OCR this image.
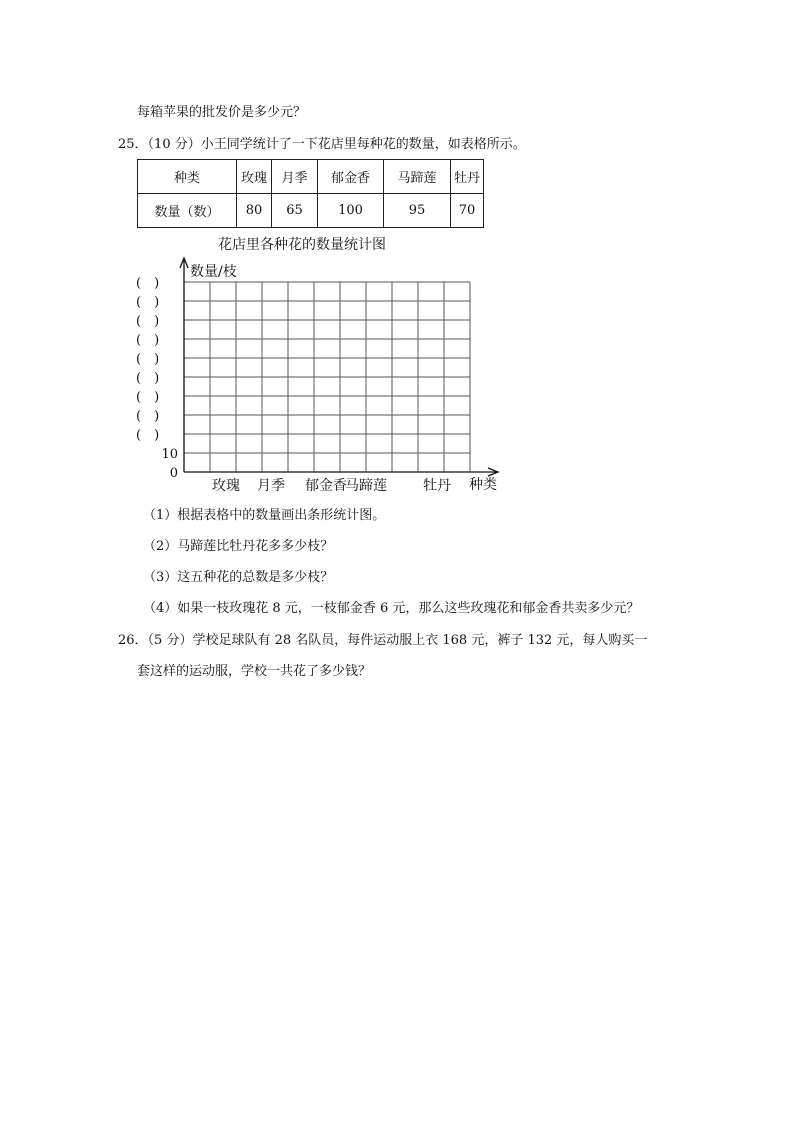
每箱苹果的批发价是多少元？
25．（10 分）小王同学统计了一下花店里每种花的数量，如表格所示。
种类	玫瑰	月季	郁金香	马蹄莲	牡丹
数量（数）	80	65	100	95	70
花店里各种花的数量统计图
数量/枝
种类
0
10
(　)
(　)
(　)
(　)
(　)
(　)
(　)
(　)
(　)
玫瑰 月季 郁金香
马蹄莲	牡丹
（1）根据表格中的数量画出条形统计图。
（2）马蹄莲比牡丹花多多少枝？
（3）这五种花的总数是多少枝？
（4）如果一枝玫瑰花 8 元，一枝郁金香 6 元，那么这些玫瑰花和郁金香共卖多少元？
26．（5 分）学校足球队有 28 名队员，每件运动服上衣 168 元，裤子 132 元，每人购买一
套这样的运动服，学校一共花了多少钱？
